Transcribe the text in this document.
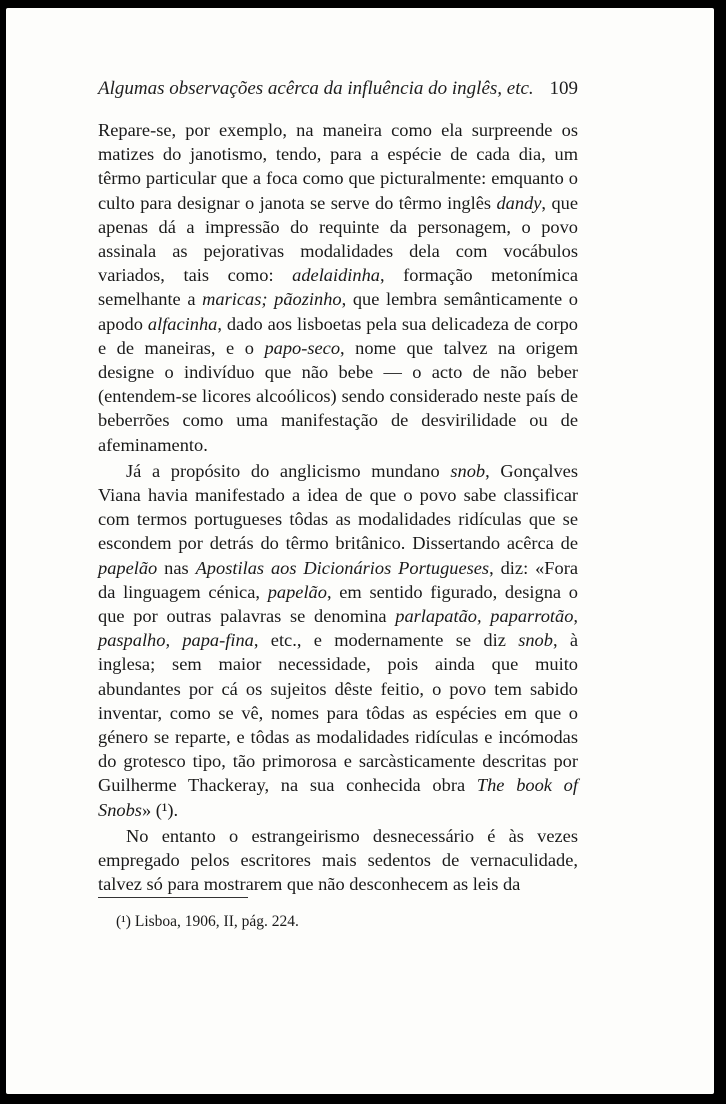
Algumas observações acêrca da influência do inglês, etc. 109

Repare-se, por exemplo, na maneira como ela surpreende os matizes do janotismo, tendo, para a espécie de cada dia, um têrmo particular que a foca como que picturalmente: emquanto o culto para designar o janota se serve do têrmo inglês dandy, que apenas dá a impressão do requinte da personagem, o povo assinala as pejorativas modalidades dela com vocábulos variados, tais como: adelaidinha, formação metonímica semelhante a maricas; pãozinho, que lembra semânticamente o apodo alfacinha, dado aos lisboetas pela sua delicadeza de corpo e de maneiras, e o papo-seco, nome que talvez na origem designe o indivíduo que não bebe — o acto de não beber (entendem-se licores alcoólicos) sendo considerado neste país de beberrões como uma manifestação de desvirilidade ou de afeminamento.

Já a propósito do anglicismo mundano snob, Gonçalves Viana havia manifestado a idea de que o povo sabe classificar com termos portugueses tôdas as modalidades ridículas que se escondem por detrás do têrmo britânico. Dissertando acêrca de papelão nas Apostilas aos Dicionários Portugueses, diz: «Fora da linguagem cénica, papelão, em sentido figurado, designa o que por outras palavras se denomina parlapatão, paparrotão, paspalho, papa-fina, etc., e modernamente se diz snob, à inglesa; sem maior necessidade, pois ainda que muito abundantes por cá os sujeitos dêste feitio, o povo tem sabido inventar, como se vê, nomes para tôdas as espécies em que o género se reparte, e tôdas as modalidades ridículas e incómodas do grotesco tipo, tão primorosa e sarcàsticamente descritas por Guilherme Thackeray, na sua conhecida obra The book of Snobs» (¹).

No entanto o estrangeirismo desnecessário é às vezes empregado pelos escritores mais sedentos de vernaculidade, talvez só para mostrarem que não desconhecem as leis da

(¹) Lisboa, 1906, II, pág. 224.
